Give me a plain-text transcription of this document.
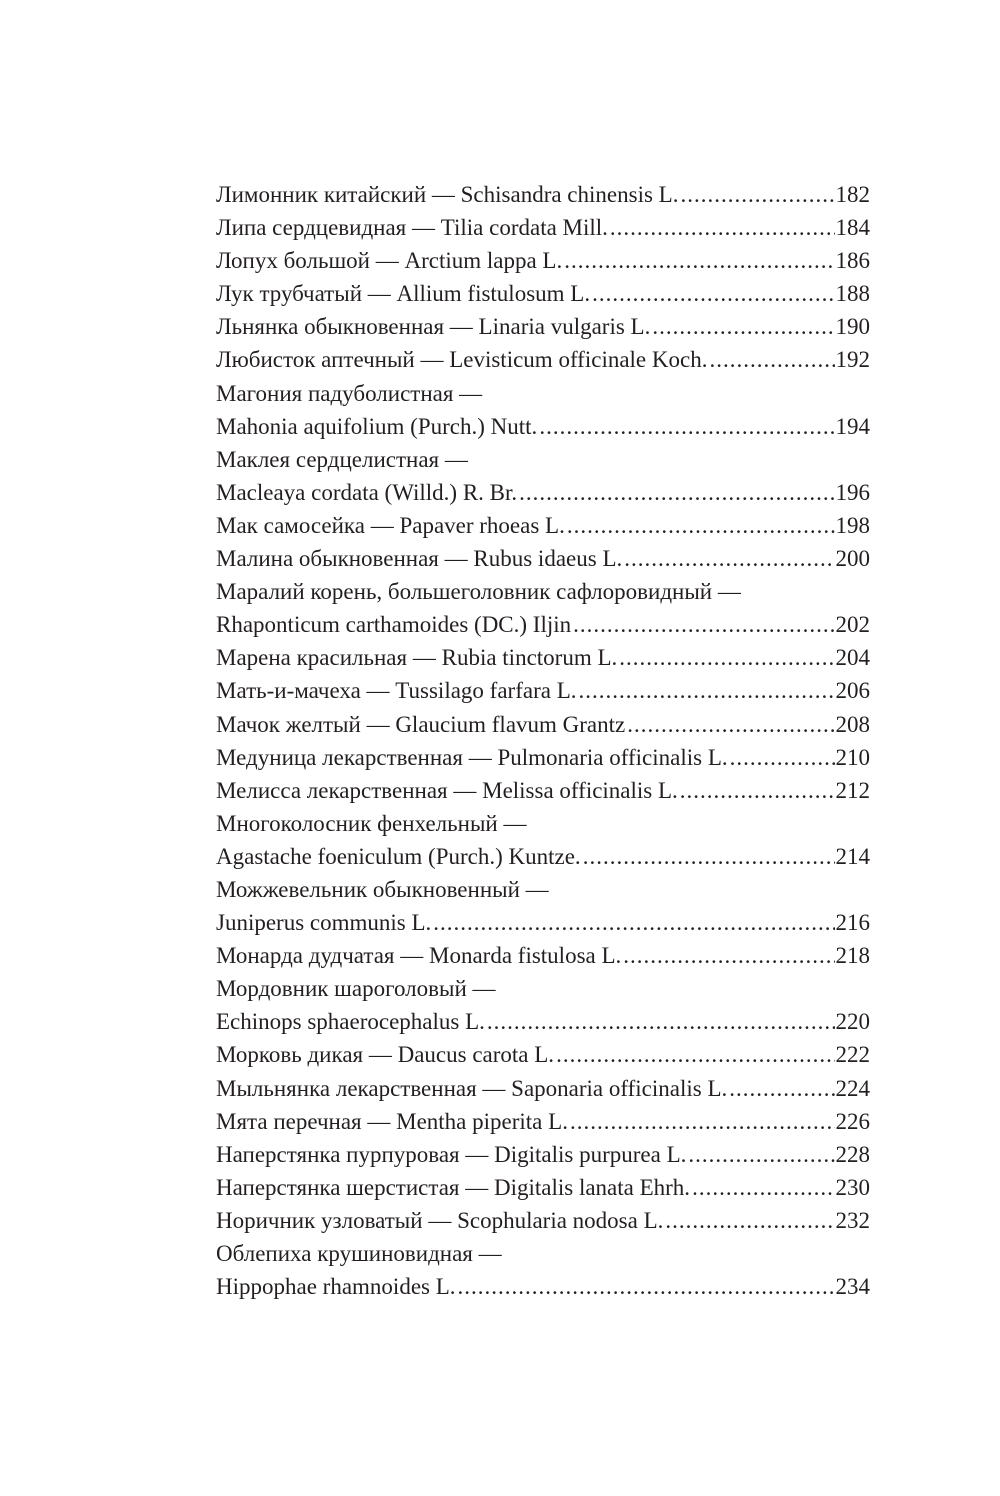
Лимонник китайский — Schisandra chinensis L. .....	182
Липа сердцевидная — Tilia cordata Mill. .....	184
Лопух большой — Arctium lappa L. .....	186
Лук трубчатый — Allium fistulosum L. .....	188
Льнянка обыкновенная — Linaria vulgaris L. .....	190
Любисток аптечный — Levisticum officinale Koch. .....	192
Магония падуболистная —
Mahonia aquifolium (Purch.) Nutt. .....	194
Маклея сердцелистная —
Macleaya cordata (Willd.) R. Br. .....	196
Мак самосейка — Papaver rhoeas L. .....	198
Малина обыкновенная — Rubus idaeus L. .....	200
Маралий корень, большеголовник сафлоровидный —
Rhaponticum carthamoides (DC.) Iljin .....	202
Марена красильная — Rubia tinctorum L. .....	204
Мать-и-мачеха — Tussilago farfara L. .....	206
Мачок желтый — Glaucium flavum Grantz .....	208
Медуница лекарственная — Pulmonaria officinalis L. .....	210
Мелисса лекарственная — Melissa officinalis L. .....	212
Многоколосник фенхельный —
Agastache foeniculum (Purch.) Kuntze. .....	214
Можжевельник обыкновенный —
Juniperus communis L. .....	216
Монарда дудчатая — Monarda fistulosa L. .....	218
Мордовник шароголовый —
Echinops sphaerocephalus L. .....	220
Морковь дикая — Daucus carota L. .....	222
Мыльнянка лекарственная — Saponaria officinalis L. .....	224
Мята перечная — Mentha piperita L. .....	226
Наперстянка пурпуровая — Digitalis purpurea L. .....	228
Наперстянка шерстистая — Digitalis lanata Ehrh. .....	230
Норичник узловатый — Scophularia nodosa L. .....	232
Облепиха крушиновидная —
Hippophae rhamnoides L. .....	234
